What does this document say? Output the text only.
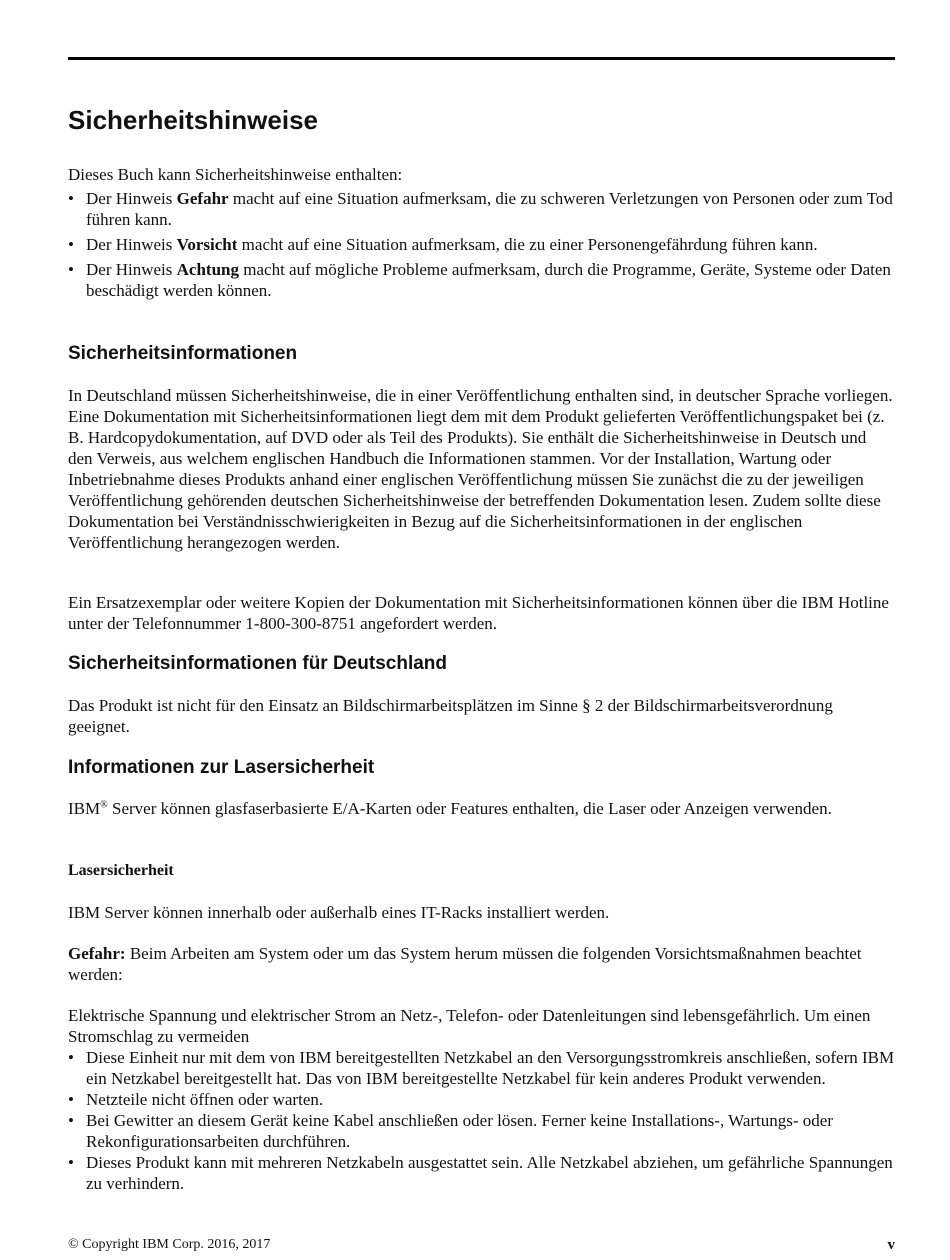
Sicherheitshinweise

Dieses Buch kann Sicherheitshinweise enthalten:

• Der Hinweis Gefahr macht auf eine Situation aufmerksam, die zu schweren Verletzungen von Personen oder zum Tod führen kann.
• Der Hinweis Vorsicht macht auf eine Situation aufmerksam, die zu einer Personengefährdung führen kann.
• Der Hinweis Achtung macht auf mögliche Probleme aufmerksam, durch die Programme, Geräte, Systeme oder Daten beschädigt werden können.
Sicherheitsinformationen

In Deutschland müssen Sicherheitshinweise, die in einer Veröffentlichung enthalten sind, in deutscher Sprache vorliegen. Eine Dokumentation mit Sicherheitsinformationen liegt dem mit dem Produkt gelieferten Veröffentlichungspaket bei (z. B. Hardcopydokumentation, auf DVD oder als Teil des Produkts). Sie enthält die Sicherheitshinweise in Deutsch und den Verweis, aus welchem englischen Handbuch die Informationen stammen. Vor der Installation, Wartung oder Inbetriebnahme dieses Produkts anhand einer englischen Veröffentlichung müssen Sie zunächst die zu der jeweiligen Veröffentlichung gehörenden deutschen Sicherheitshinweise der betreffenden Dokumentation lesen. Zudem sollte diese Dokumentation bei Verständnisschwierigkeiten in Bezug auf die Sicherheitsinformationen in der englischen Veröffentlichung herangezogen werden.

Ein Ersatzexemplar oder weitere Kopien der Dokumentation mit Sicherheitsinformationen können über die IBM Hotline unter der Telefonnummer 1-800-300-8751 angefordert werden.

Sicherheitsinformationen für Deutschland

Das Produkt ist nicht für den Einsatz an Bildschirmarbeitsplätzen im Sinne § 2 der Bildschirmarbeitsverordnung geeignet.

Informationen zur Lasersicherheit

IBM® Server können glasfaserbasierte E/A-Karten oder Features enthalten, die Laser oder Anzeigen verwenden.

Lasersicherheit

IBM Server können innerhalb oder außerhalb eines IT-Racks installiert werden.

Gefahr: Beim Arbeiten am System oder um das System herum müssen die folgenden Vorsichtsmaßnahmen beachtet werden:

Elektrische Spannung und elektrischer Strom an Netz-, Telefon- oder Datenleitungen sind lebensgefährlich. Um einen Stromschlag zu vermeiden

• Diese Einheit nur mit dem von IBM bereitgestellten Netzkabel an den Versorgungsstromkreis anschließen, sofern IBM ein Netzkabel bereitgestellt hat. Das von IBM bereitgestellte Netzkabel für kein anderes Produkt verwenden.
• Netzteile nicht öffnen oder warten.
• Bei Gewitter an diesem Gerät keine Kabel anschließen oder lösen. Ferner keine Installations-, Wartungs- oder Rekonfigurationsarbeiten durchführen.
• Dieses Produkt kann mit mehreren Netzkabeln ausgestattet sein. Alle Netzkabel abziehen, um gefährliche Spannungen zu verhindern.
© Copyright IBM Corp. 2016, 2017	v
